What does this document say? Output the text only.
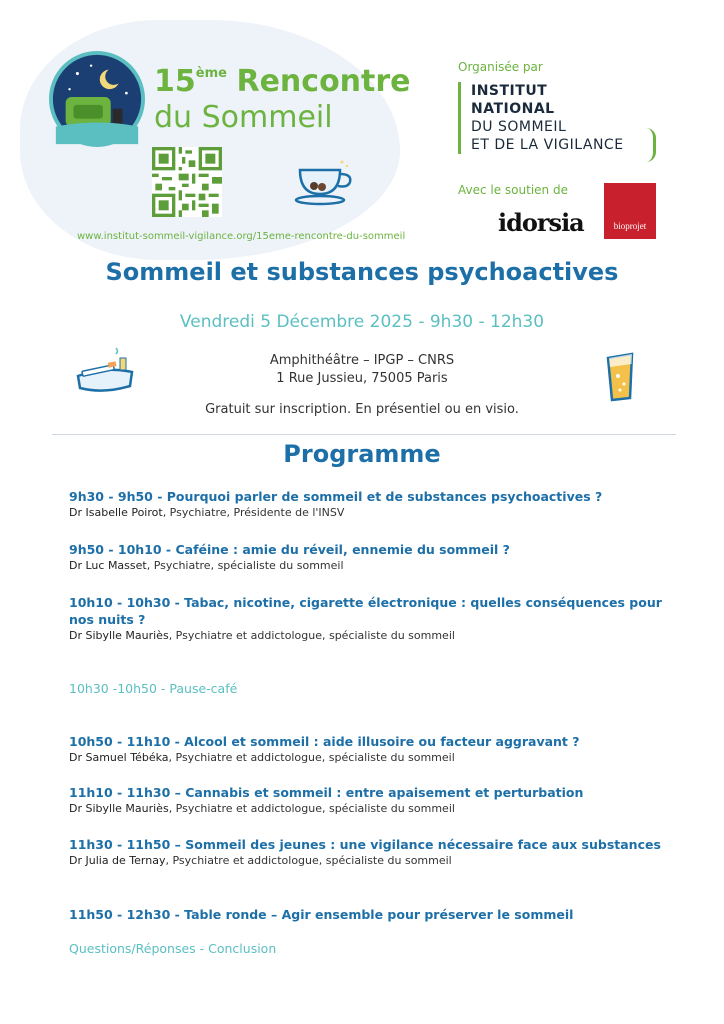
15ème Rencontre
du Sommeil
Organisée par
INSTITUT
NATIONAL
DU SOMMEIL
ET DE LA VIGILANCE
Avec le soutien de
idorsia	bioprojet
www.institut-sommeil-vigilance.org/15eme-rencontre-du-sommeil
Sommeil et substances psychoactives
Vendredi 5 Décembre 2025 - 9h30 - 12h30
Amphithéâtre – IPGP – CNRS
1 Rue Jussieu, 75005 Paris
Gratuit sur inscription. En présentiel ou en visio.
Programme
9h30 - 9h50 - Pourquoi parler de sommeil et de substances psychoactives ?
Dr Isabelle Poirot, Psychiatre, Présidente de l'INSV
9h50 - 10h10 - Caféine : amie du réveil, ennemie du sommeil ?
Dr Luc Masset, Psychiatre, spécialiste du sommeil
10h10 - 10h30 - Tabac, nicotine, cigarette électronique : quelles conséquences pour nos nuits ?
Dr Sibylle Mauriès, Psychiatre et addictologue, spécialiste du sommeil
10h30 -10h50 - Pause-café
10h50 - 11h10 - Alcool et sommeil : aide illusoire ou facteur aggravant ?
Dr Samuel Tébéka, Psychiatre et addictologue, spécialiste du sommeil
11h10 - 11h30 – Cannabis et sommeil : entre apaisement et perturbation
Dr Sibylle Mauriès, Psychiatre et addictologue, spécialiste du sommeil
11h30 - 11h50 – Sommeil des jeunes : une vigilance nécessaire face aux substances
Dr Julia de Ternay, Psychiatre et addictologue, spécialiste du sommeil
11h50 - 12h30 - Table ronde – Agir ensemble pour préserver le sommeil
Questions/Réponses - Conclusion
